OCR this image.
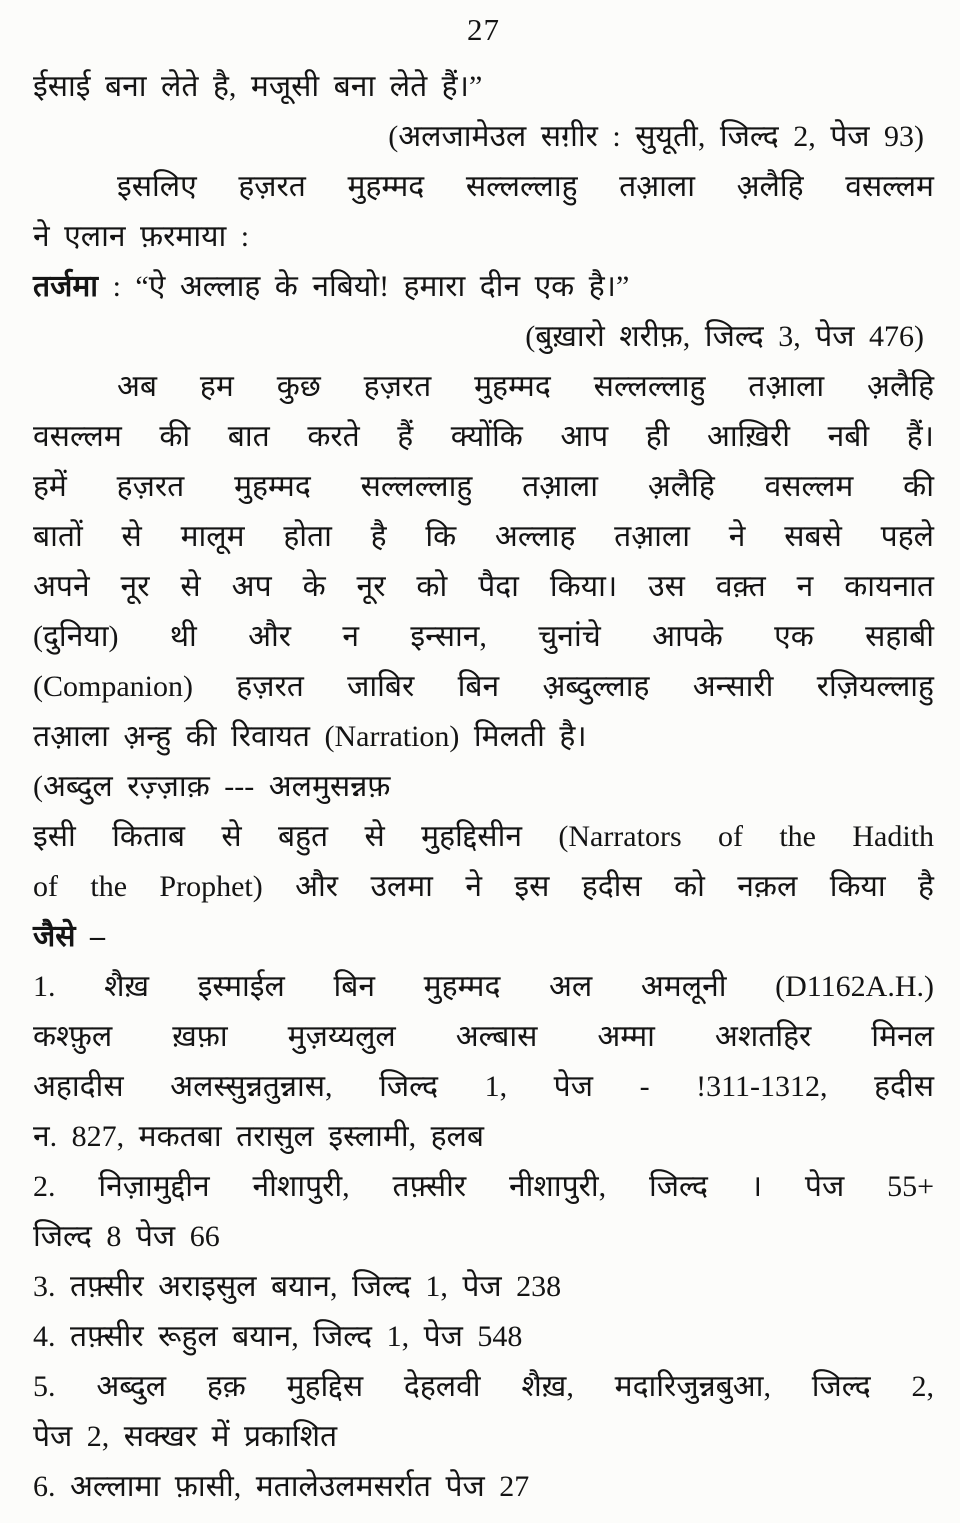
27
ईसाई बना लेते है, मजूसी बना लेते हैं।”
(अलजामेउल सग़ीर : सुयूती, जिल्द 2, पेज 93)
इसलिए हज़रत मुहम्मद सल्लल्लाहु तआ़ला अ़लैहि वसल्लम
ने एलान फ़रमाया :
तर्जमा : “ऐ अल्लाह के नबियो! हमारा दीन एक है।”
(बुख़ारो शरीफ़, जिल्द 3, पेज 476)
अब हम कुछ हज़रत मुहम्मद सल्लल्लाहु तआ़ला अ़लैहि
वसल्लम की बात करते हैं क्योंकि आप ही आख़िरी नबी हैं।
हमें हज़रत मुहम्मद सल्लल्लाहु तआ़ला अ़लैहि वसल्लम की
बातों से मालूम होता है कि अल्लाह तआ़ला ने सबसे पहले
अपने नूर से अप के नूर को पैदा किया। उस वक़्त न कायनात
(दुनिया) थी और न इन्सान, चुनांचे आपके एक सहाबी
(Companion) हज़रत जाबिर बिन अ़ब्दुल्लाह अन्सारी रज़ियल्लाहु
तआ़ला अ़न्हु की रिवायत (Narration) मिलती है।
(अब्दुल रज़्ज़ाक़ --- अलमुसन्नफ़
इसी किताब से बहुत से मुहद्दिसीन (Narrators of the Hadith
of the Prophet) और उलमा ने इस हदीस को नक़ल किया है
जैसे –
1. शैख़ इस्माईल बिन मुहम्मद अल अमलूनी (D1162A.H.)
कश्फ़ुल ख़फ़ा मुज़य्यलुल अल्बास अम्मा अशतहिर मिनल
अहादीस अलस्सुन्नतुन्नास, जिल्द 1, पेज - !311-1312, हदीस
न. 827, मकतबा तरासुल इस्लामी, हलब
2. निज़ामुद्दीन नीशापुरी, तफ़्सीर नीशापुरी, जिल्द । पेज 55+
जिल्द 8 पेज 66
3. तफ़्सीर अराइसुल बयान, जिल्द 1, पेज 238
4. तफ़्सीर रूहुल बयान, जिल्द 1, पेज 548
5. अब्दुल हक़ मुहद्दिस देहलवी शैख़, मदारिजुन्नबुआ, जिल्द 2,
पेज 2, सक्खर में प्रकाशित
6. अल्लामा फ़ासी, मतालेउलमसर्रात पेज 27
